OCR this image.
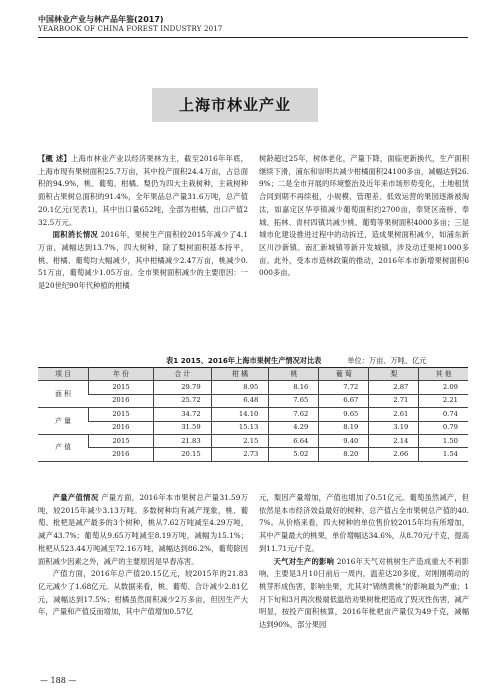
中国林业产业与林产品年鉴(2017)
YEARBOOK OF CHINA FOREST INDUSTRY 2017
上海市林业产业

【概 述】上海市林业产业以经济果林为主，截至2016年年底，上海市现有果树面积25.7万亩，其中投产面积24.4万亩，占总面积的94.9%，桃、葡萄、柑橘、梨仍为四大主栽树种，主栽树种面积占果树总面积的91.4%，全年果品总产量31.6万吨，总产值20.1亿元(见表1)，其中出口量652吨，全部为柑橘，出口产值232.5万元。

面积消长情况 2016年，果树生产面积较2015年减少了4.1万亩，减幅达到13.7%，四大树种，除了梨树面积基本持平，桃、柑橘、葡萄均大幅减少，其中柑橘减少2.47万亩，桃减少0.51万亩，葡萄减少1.05万亩。全市果树面积减少的主要原因：一是20世纪90年代种植的柑橘

树龄超过25年，树体老化，产量下降，面临更新换代，生产面积继续下滑，浦东和崇明共减少柑橘面积24100多亩，减幅达到26.9%；二是全市开展的环境整治及近年来市场形势变化，土地租赁合同到期不再续租，小规模、管理差、低效运营的果园逐渐被淘汰，如嘉定区华亭镇减少葡萄面积约2700亩，奉贤区南桥、奉城、拓林、青村四镇共减少桃、葡萄等果树面积4000多亩；三是城市化建设推进过程中的动拆迁，造成果树面积减少，如浦东新区川沙新镇、南汇新城镇等新开发城镇，涉及动迁果树1000多亩。此外，受本市造林政策的推动，2016年本市新增果树面积6000多亩。

表1 2015、2016年上海市果树生产情况对比表	单位：万亩、万吨、亿元
项 目	年 份	合 计	柑 橘	桃	葡 萄	梨	其 他
面 积	2015	29.79	8.95	8.16	7.72	2.87	2.09
	2016	25.72	6.48	7.65	6.67	2.71	2.21
产 量	2015	34.72	14.10	7.62	9.65	2.61	0.74
	2016	31.59	15.13	4.29	8.19	3.19	0.79
产 值	2015	21.83	2.15	6.64	9.40	2.14	1.50
	2016	20.15	2.73	5.02	8.20	2.66	1.54

产量产值情况 产量方面，2016年本市果树总产量31.59万吨，较2015年减少3.13万吨。多数树种均有减产现象，桃、葡萄、枇杷是减产最多的3个树种，桃从7.62万吨减至4.29万吨，减产43.7%；葡萄从9.65万吨减至8.19万吨，减幅为15.1%；枇杷从523.44万吨减至72.16万吨，减幅达到86.2%，葡萄除因面积减少因素之外，减产的主要原因是早春冻害。

产值方面，2016年总产值20.15亿元，较2015年的21.83亿元减少了1.68亿元。从数据来看，桃、葡萄、合计减少2.81亿元，减幅达到17.5%；柑橘虽然面积减少2万多亩，但因生产大年，产量和产值反而增加，其中产值增加0.57亿

元，梨因产量增加，产值也增加了0.51亿元。葡萄虽然减产，但依然是本市经济效益最好的树种，总产值占全市果树总产值的40.7%。从价格来看，四大树种的单位售价较2015年均有所增加，其中产量最大的桃果，单价增幅达34.6%，从8.70元/千克，提高到11.71元/千克。

天气对生产的影响 2016年天气对桃树生产造成重大不利影响，主要是3月10日前后一周内，温差达20多度，对刚刚萌动的桃芽形成伤害，影响坐果，尤其对“锦绣黄桃”的影响最为严重；1月下旬和3月两次极端低温给劝果树枇杷造成了毁灭性伤害，减产明显，按投产面积核算，2016年枇杷亩产量仅为49千克，减幅达到90%，部分果园

— 188 —
